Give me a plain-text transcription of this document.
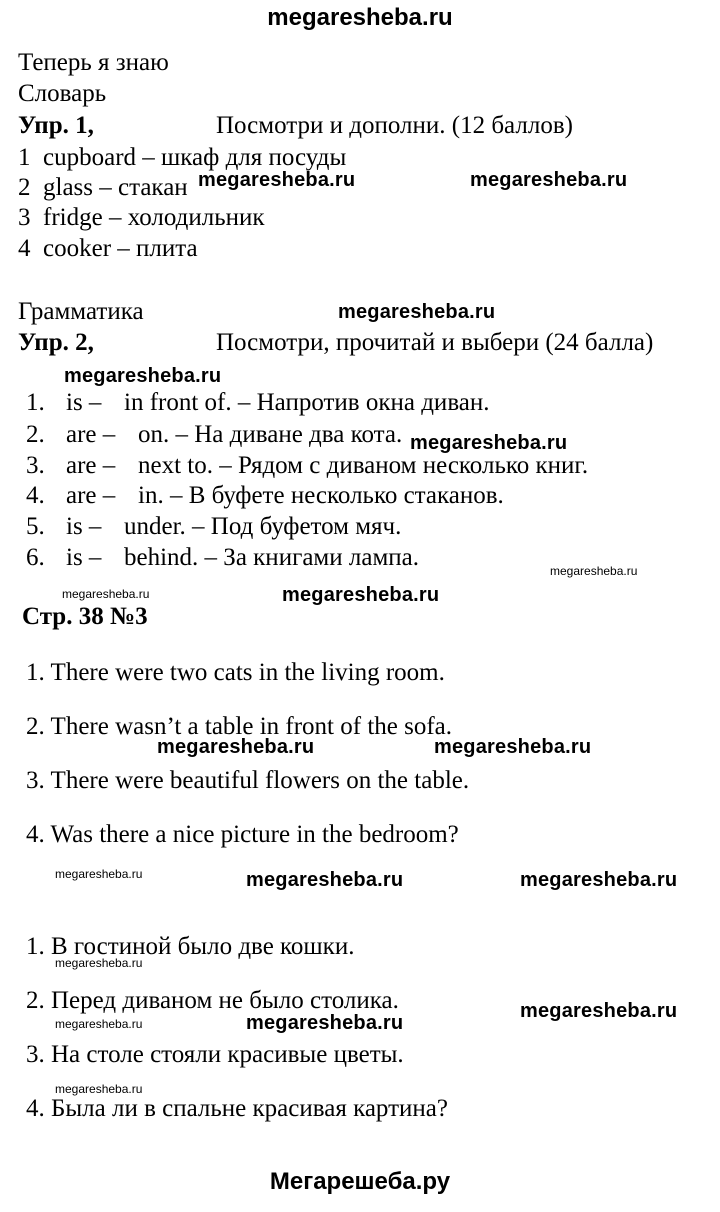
megaresheba.ru
Теперь я знаю
Словарь
Упр. 1,	Посмотри и дополни. (12 баллов)
1 cupboard – шкаф для посуды
2 glass – стакан
3 fridge – холодильник
4 cooker – плита
Грамматика
Упр. 2,	Посмотри, прочитай и выбери (24 балла)
1. is – in front of. – Напротив окна диван.
2. are – on. – На диване два кота.
3. are – next to. – Рядом с диваном несколько книг.
4. are – in. – В буфете несколько стаканов.
5. is – under. – Под буфетом мяч.
6. is – behind. – За книгами лампа.
Стр. 38 №3
1. There were two cats in the living room.
2. There wasn’t a table in front of the sofa.
3. There were beautiful flowers on the table.
4. Was there a nice picture in the bedroom?
1. В гостиной было две кошки.
2. Перед диваном не было столика.
3. На столе стояли красивые цветы.
4. Была ли в спальне красивая картина?
megaresheba.ru	megaresheba.ru
megaresheba.ru
megaresheba.ru
megaresheba.ru
megaresheba.ru
megaresheba.ru	megaresheba.ru
megaresheba.ru	megaresheba.ru
megaresheba.ru	megaresheba.ru	megaresheba.ru
megaresheba.ru
megaresheba.ru
megaresheba.ru	megaresheba.ru
megaresheba.ru
Мегарешеба.ру
